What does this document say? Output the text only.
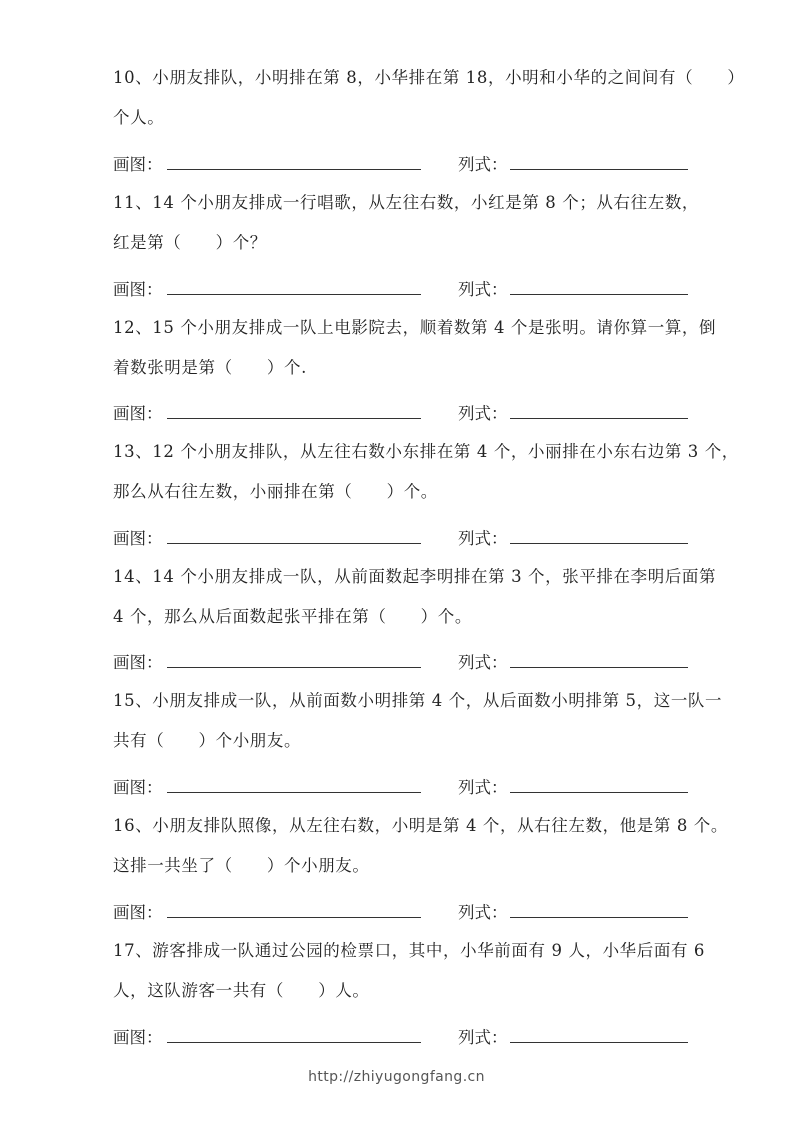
10、小朋友排队，小明排在第 8，小华排在第 18，小明和小华的之间间有（　　）
个人。
画图：	列式：
11、14 个小朋友排成一行唱歌，从左往右数，小红是第 8 个；从右往左数，
红是第（　　）个？
画图：	列式：
12、15 个小朋友排成一队上电影院去，顺着数第 4 个是张明。请你算一算，倒
着数张明是第（　　）个.
画图：	列式：
13、12 个小朋友排队，从左往右数小东排在第 4 个，小丽排在小东右边第 3 个，
那么从右往左数，小丽排在第（　　）个。
画图：	列式：
14、14 个小朋友排成一队，从前面数起李明排在第 3 个，张平排在李明后面第
4 个，那么从后面数起张平排在第（　　）个。
画图：	列式：
15、小朋友排成一队，从前面数小明排第 4 个，从后面数小明排第 5，这一队一
共有（　　）个小朋友。
画图：	列式：
16、小朋友排队照像，从左往右数，小明是第 4 个，从右往左数，他是第 8 个。
这排一共坐了（　　）个小朋友。
画图：	列式：
17、游客排成一队通过公园的检票口，其中，小华前面有 9 人，小华后面有 6
人，这队游客一共有（　　）人。
画图：	列式：
http://zhiyugongfang.cn
